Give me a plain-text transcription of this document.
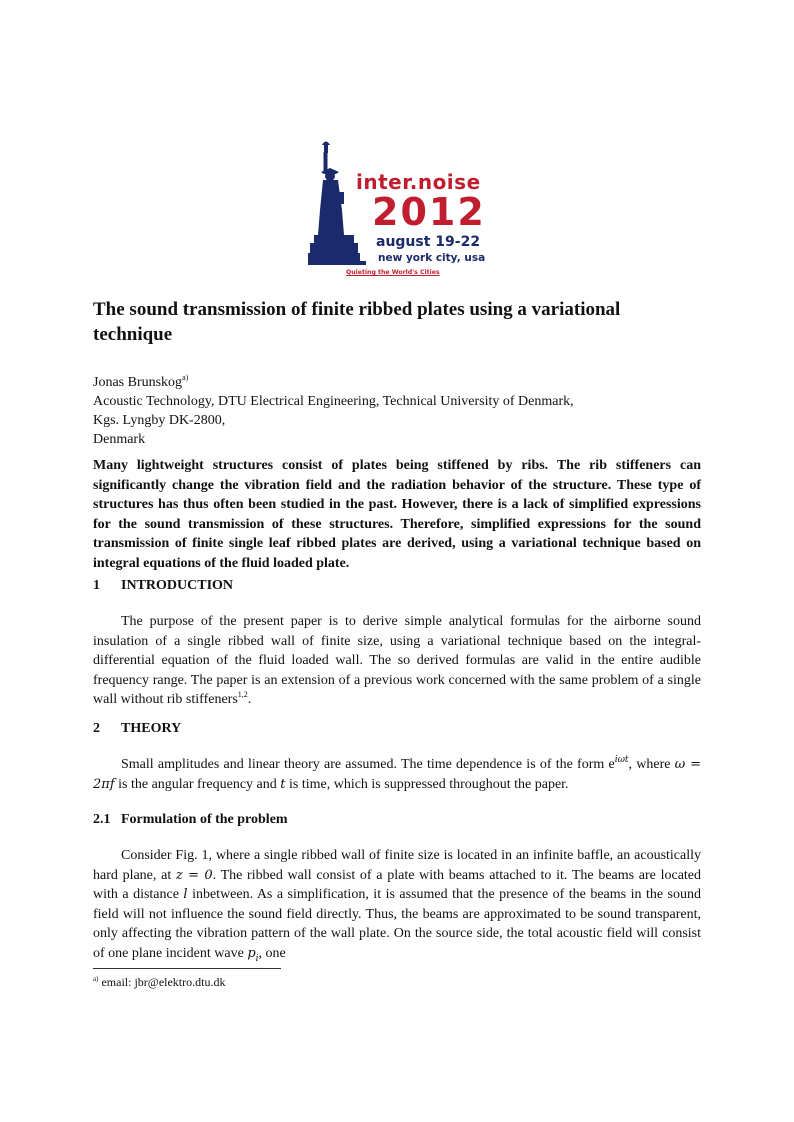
inter.noise
2012
august 19-22
new york city, usa
Quieting the World's Cities
The sound transmission of finite ribbed plates using a variational technique
Jonas Brunskog$^{a)}$
Acoustic Technology, DTU Electrical Engineering, Technical University of Denmark,
Kgs. Lyngby DK-2800,
Denmark

Many lightweight structures consist of plates being stiffened by ribs. The rib stiffeners can significantly change the vibration field and the radiation behavior of the structure. These type of structures has thus often been studied in the past. However, there is a lack of simplified expressions for the sound transmission of these structures. Therefore, simplified expressions for the sound transmission of finite single leaf ribbed plates are derived, using a variational technique based on integral equations of the fluid loaded plate.

1 INTRODUCTION

The purpose of the present paper is to derive simple analytical formulas for the airborne sound insulation of a single ribbed wall of finite size, using a variational technique based on the integral-differential equation of the fluid loaded wall. The so derived formulas are valid in the entire audible frequency range. The paper is an extension of a previous work concerned with the same problem of a single wall without rib stiffeners$^{1,2}$.

2 THEORY

Small amplitudes and linear theory are assumed. The time dependence is of the form $e^{i\omega t}$, where ω = 2πf is the angular frequency and t is time, which is suppressed throughout the paper.

2.1 Formulation of the problem

Consider Fig. 1, where a single ribbed wall of finite size is located in an infinite baffle, an acoustically hard plane, at z = 0. The ribbed wall consist of a plate with beams attached to it. The beams are located with a distance l inbetween. As a simplification, it is assumed that the presence of the beams in the sound field will not influence the sound field directly. Thus, the beams are approximated to be sound transparent, only affecting the vibration pattern of the wall plate. On the source side, the total acoustic field will consist of one plane incident wave $p_i$, one

$^{a)}$ email: jbr@elektro.dtu.dk
